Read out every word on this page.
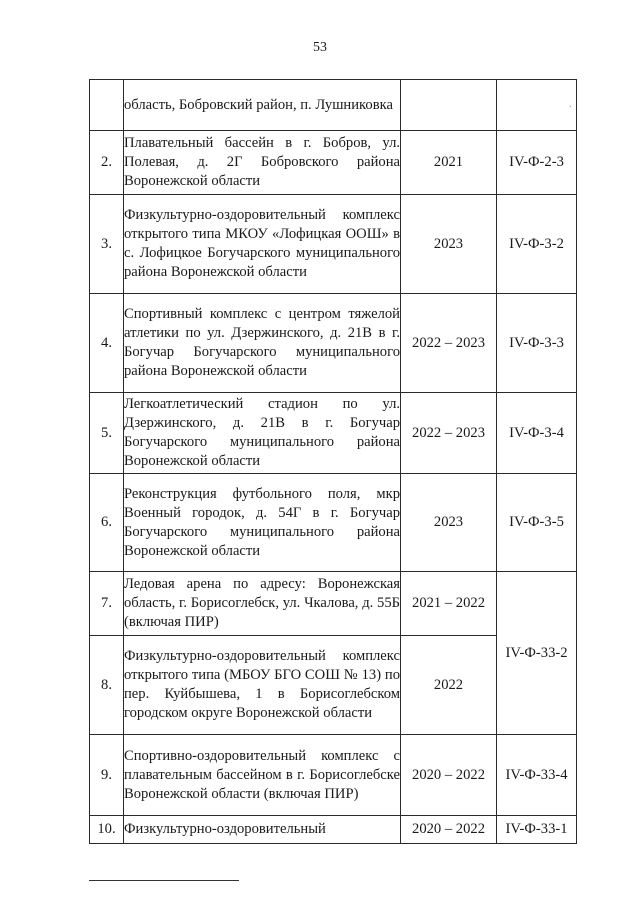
53
	область, Бобровский район, п. Лушниковка		·

2.	Плавательный бассейн в г. Бобров, ул. Полевая, д. 2Г Бобровского района Воронежской области	2021	IV-Ф-2-3
3.	Физкультурно-оздоровительный комплекс открытого типа МКОУ «Лофицкая ООШ» в с. Лофицкое Богучарского муниципального района Воронежской области	2023	IV-Ф-3-2
4.	Спортивный комплекс с центром тяжелой атлетики по ул. Дзержинского, д. 21В в г. Богучар Богучарского муниципального района Воронежской области	2022 – 2023	IV-Ф-3-3
5.	Легкоатлетический стадион по ул. Дзержинского, д. 21В в г. Богучар Богучарского муниципального района Воронежской области	2022 – 2023	IV-Ф-3-4
6.	Реконструкция футбольного поля, мкр Военный городок, д. 54Г в г. Богучар Богучарского муниципального района Воронежской области	2023	IV-Ф-3-5
7.	Ледовая арена по адресу: Воронежская область, г. Борисоглебск, ул. Чкалова, д. 55Б (включая ПИР)	2021 – 2022	IV-Ф-33-2
8.	Физкультурно-оздоровительный комплекс открытого типа (МБОУ БГО СОШ № 13) по пер. Куйбышева, 1 в Борисоглебском городском округе Воронежской области	2022	
9.	Спортивно-оздоровительный комплекс с плавательным бассейном в г. Борисоглебске Воронежской области (включая ПИР)	2020 – 2022	IV-Ф-33-4
10.	Физкультурно-оздоровительный	2020 – 2022	IV-Ф-33-1
